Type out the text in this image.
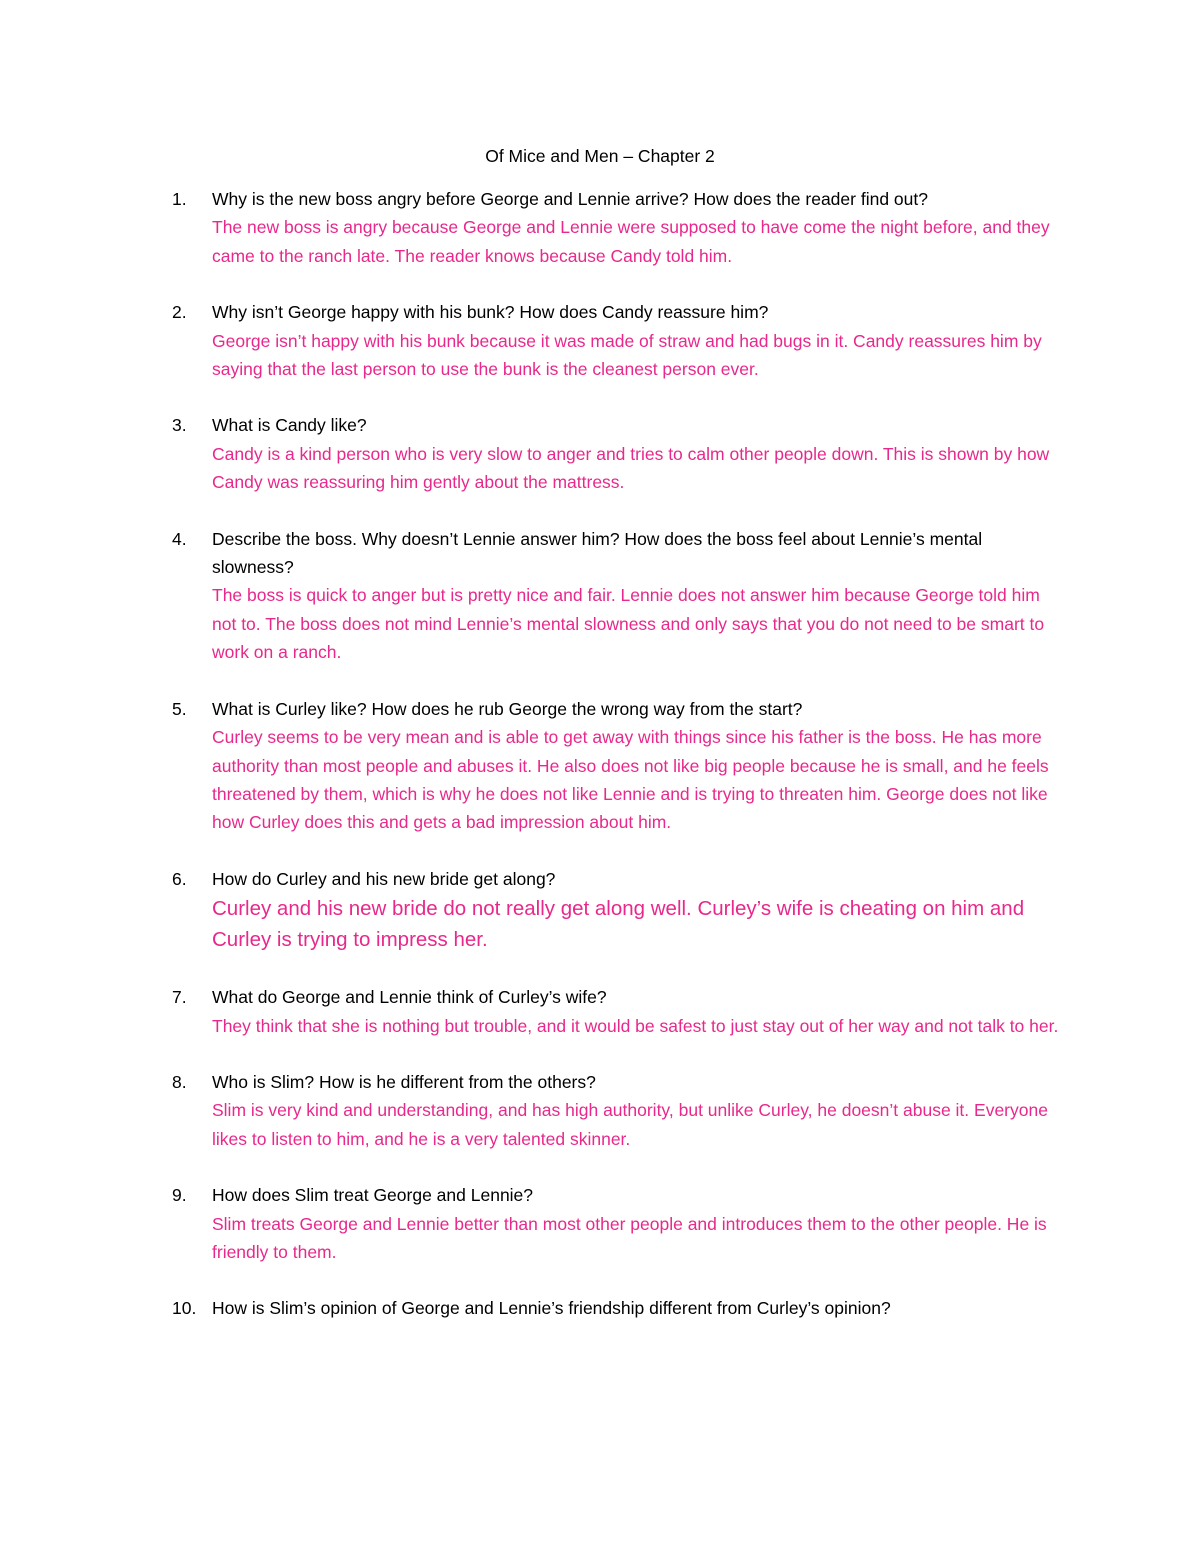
Of Mice and Men – Chapter 2
1. Why is the new boss angry before George and Lennie arrive? How does the reader find out?

The new boss is angry because George and Lennie were supposed to have come the night before, and they came to the ranch late. The reader knows because Candy told him.

2. Why isn’t George happy with his bunk? How does Candy reassure him?

George isn’t happy with his bunk because it was made of straw and had bugs in it. Candy reassures him by saying that the last person to use the bunk is the cleanest person ever.

3. What is Candy like?

Candy is a kind person who is very slow to anger and tries to calm other people down. This is shown by how Candy was reassuring him gently about the mattress.

4. Describe the boss. Why doesn’t Lennie answer him? How does the boss feel about Lennie’s mental slowness?

The boss is quick to anger but is pretty nice and fair. Lennie does not answer him because George told him not to. The boss does not mind Lennie’s mental slowness and only says that you do not need to be smart to work on a ranch.

5. What is Curley like? How does he rub George the wrong way from the start?

Curley seems to be very mean and is able to get away with things since his father is the boss. He has more authority than most people and abuses it. He also does not like big people because he is small, and he feels threatened by them, which is why he does not like Lennie and is trying to threaten him. George does not like how Curley does this and gets a bad impression about him.

6. How do Curley and his new bride get along?

Curley and his new bride do not really get along well. Curley’s wife is cheating on him and Curley is trying to impress her.

7. What do George and Lennie think of Curley’s wife?

They think that she is nothing but trouble, and it would be safest to just stay out of her way and not talk to her.

8. Who is Slim? How is he different from the others?

Slim is very kind and understanding, and has high authority, but unlike Curley, he doesn’t abuse it. Everyone likes to listen to him, and he is a very talented skinner.

9. How does Slim treat George and Lennie?

Slim treats George and Lennie better than most other people and introduces them to the other people. He is friendly to them.

10. How is Slim’s opinion of George and Lennie’s friendship different from Curley’s opinion?
